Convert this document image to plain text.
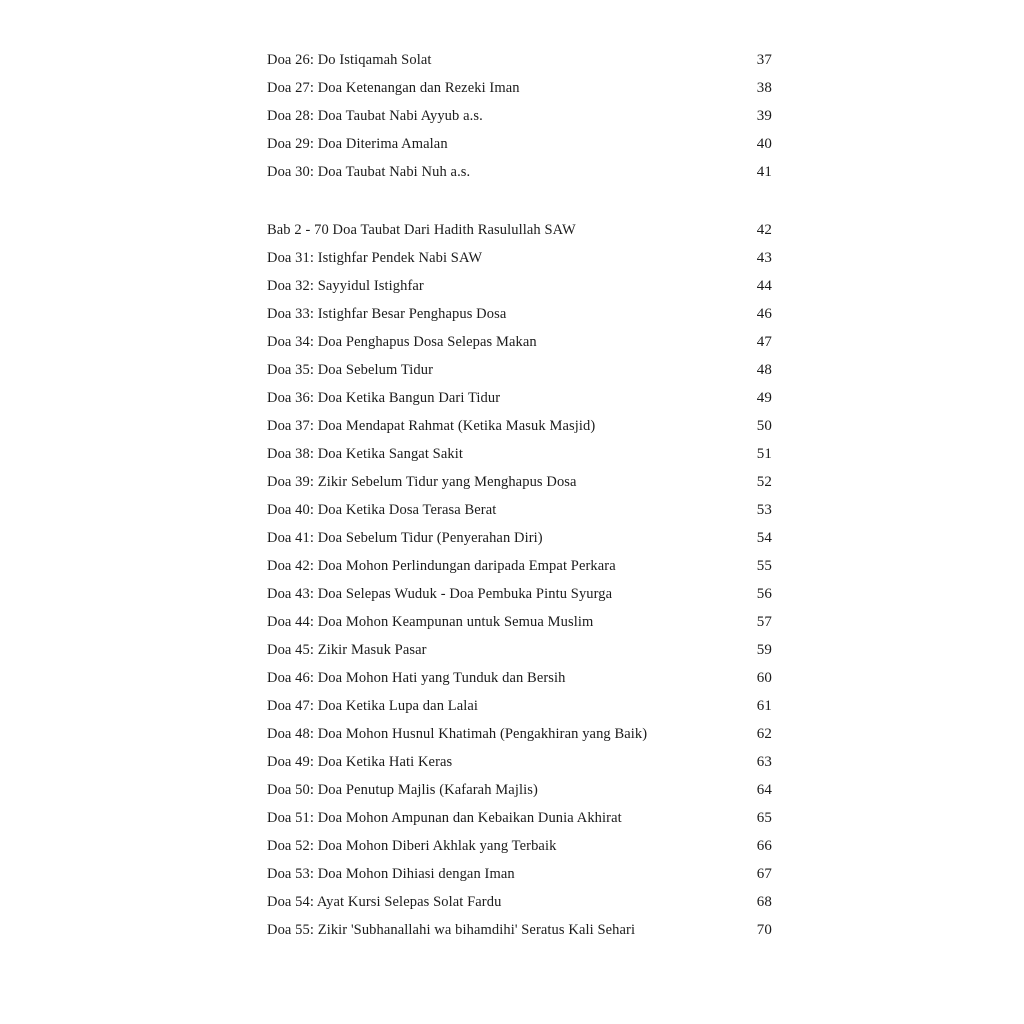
Doa 26: Do Istiqamah Solat	37
Doa 27: Doa Ketenangan dan Rezeki Iman	38
Doa 28: Doa Taubat Nabi Ayyub a.s.	39
Doa 29: Doa Diterima Amalan	40
Doa 30: Doa Taubat Nabi Nuh a.s.	41
Bab 2 - 70 Doa Taubat Dari Hadith Rasulullah SAW	42
Doa 31: Istighfar Pendek Nabi SAW	43
Doa 32: Sayyidul Istighfar	44
Doa 33: Istighfar Besar Penghapus Dosa	46
Doa 34: Doa Penghapus Dosa Selepas Makan	47
Doa 35: Doa Sebelum Tidur	48
Doa 36: Doa Ketika Bangun Dari Tidur	49
Doa 37: Doa Mendapat Rahmat (Ketika Masuk Masjid)	50
Doa 38: Doa Ketika Sangat Sakit	51
Doa 39: Zikir Sebelum Tidur yang Menghapus Dosa	52
Doa 40: Doa Ketika Dosa Terasa Berat	53
Doa 41: Doa Sebelum Tidur (Penyerahan Diri)	54
Doa 42: Doa Mohon Perlindungan daripada Empat Perkara	55
Doa 43: Doa Selepas Wuduk - Doa Pembuka Pintu Syurga	56
Doa 44: Doa Mohon Keampunan untuk Semua Muslim	57
Doa 45: Zikir Masuk Pasar	59
Doa 46: Doa Mohon Hati yang Tunduk dan Bersih	60
Doa 47: Doa Ketika Lupa dan Lalai	61
Doa 48: Doa Mohon Husnul Khatimah (Pengakhiran yang Baik)	62
Doa 49: Doa Ketika Hati Keras	63
Doa 50: Doa Penutup Majlis (Kafarah Majlis)	64
Doa 51: Doa Mohon Ampunan dan Kebaikan Dunia Akhirat	65
Doa 52: Doa Mohon Diberi Akhlak yang Terbaik	66
Doa 53: Doa Mohon Dihiasi dengan Iman	67
Doa 54: Ayat Kursi Selepas Solat Fardu	68
Doa 55: Zikir 'Subhanallahi wa bihamdihi' Seratus Kali Sehari	70
